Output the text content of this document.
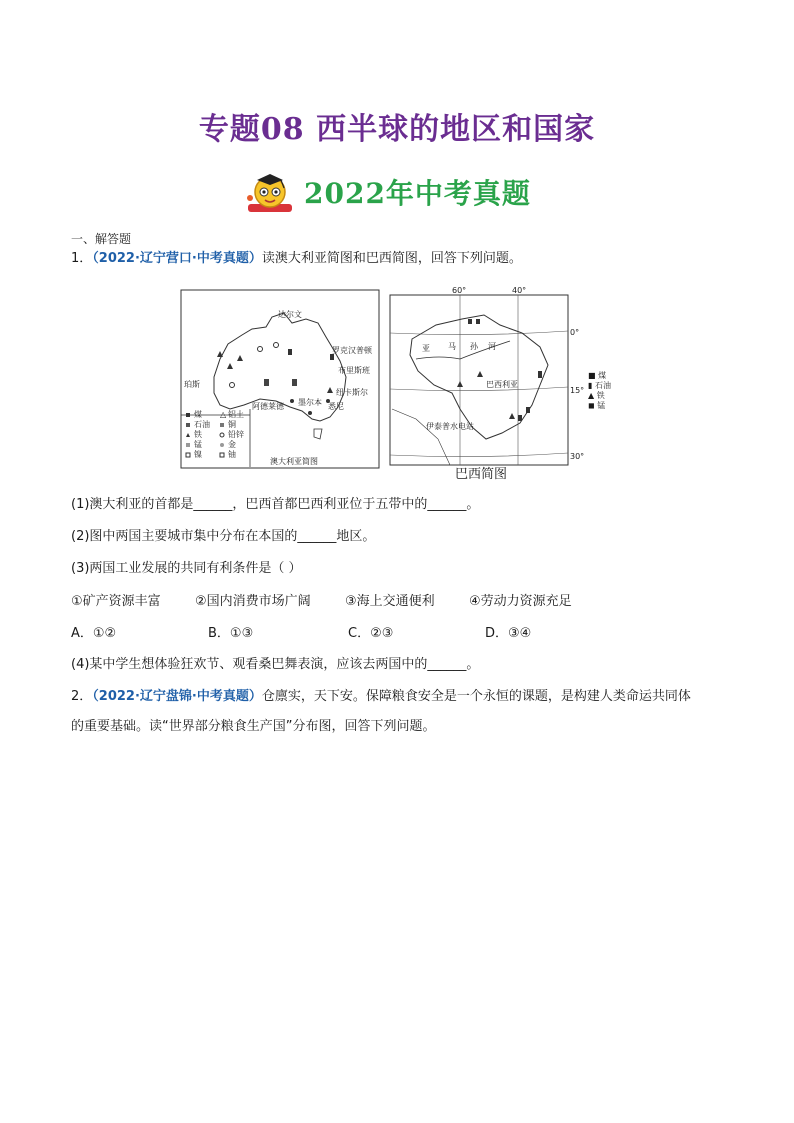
专题08 西半球的地区和国家
2022年中考真题
一、解答题
1．（2022·辽宁营口·中考真题）读澳大利亚简图和巴西简图，回答下列问题。
达尔文
罗克汉普顿
布里斯班
纽卡斯尔
悉尼
墨尔本
阿德莱德
珀斯
煤 △ 铝土
石油 铜
铁	铅锌
锰	金
镍	铀
澳大利亚简图
亚 马 孙 河
巴西利亚
伊泰普水电站
60°	40°
0°
15°
30°
■ 煤
▮ 石油
▲ 铁
◼ 锰
巴西简图
(1)澳大利亚的首都是______，巴西首都巴西利亚位于五带中的______。
(2)图中两国主要城市集中分布在本国的______地区。
(3)两国工业发展的共同有利条件是（ ）
①矿产资源丰富	②国内消费市场广阔	③海上交通便利	④劳动力资源充足
A．①②	B．①③	C．②③	D．③④
(4)某中学生想体验狂欢节、观看桑巴舞表演，应该去两国中的______。
2．（2022·辽宁盘锦·中考真题）仓廪实，天下安。保障粮食安全是一个永恒的课题，是构建人类命运共同体
的重要基础。读“世界部分粮食生产国”分布图，回答下列问题。
